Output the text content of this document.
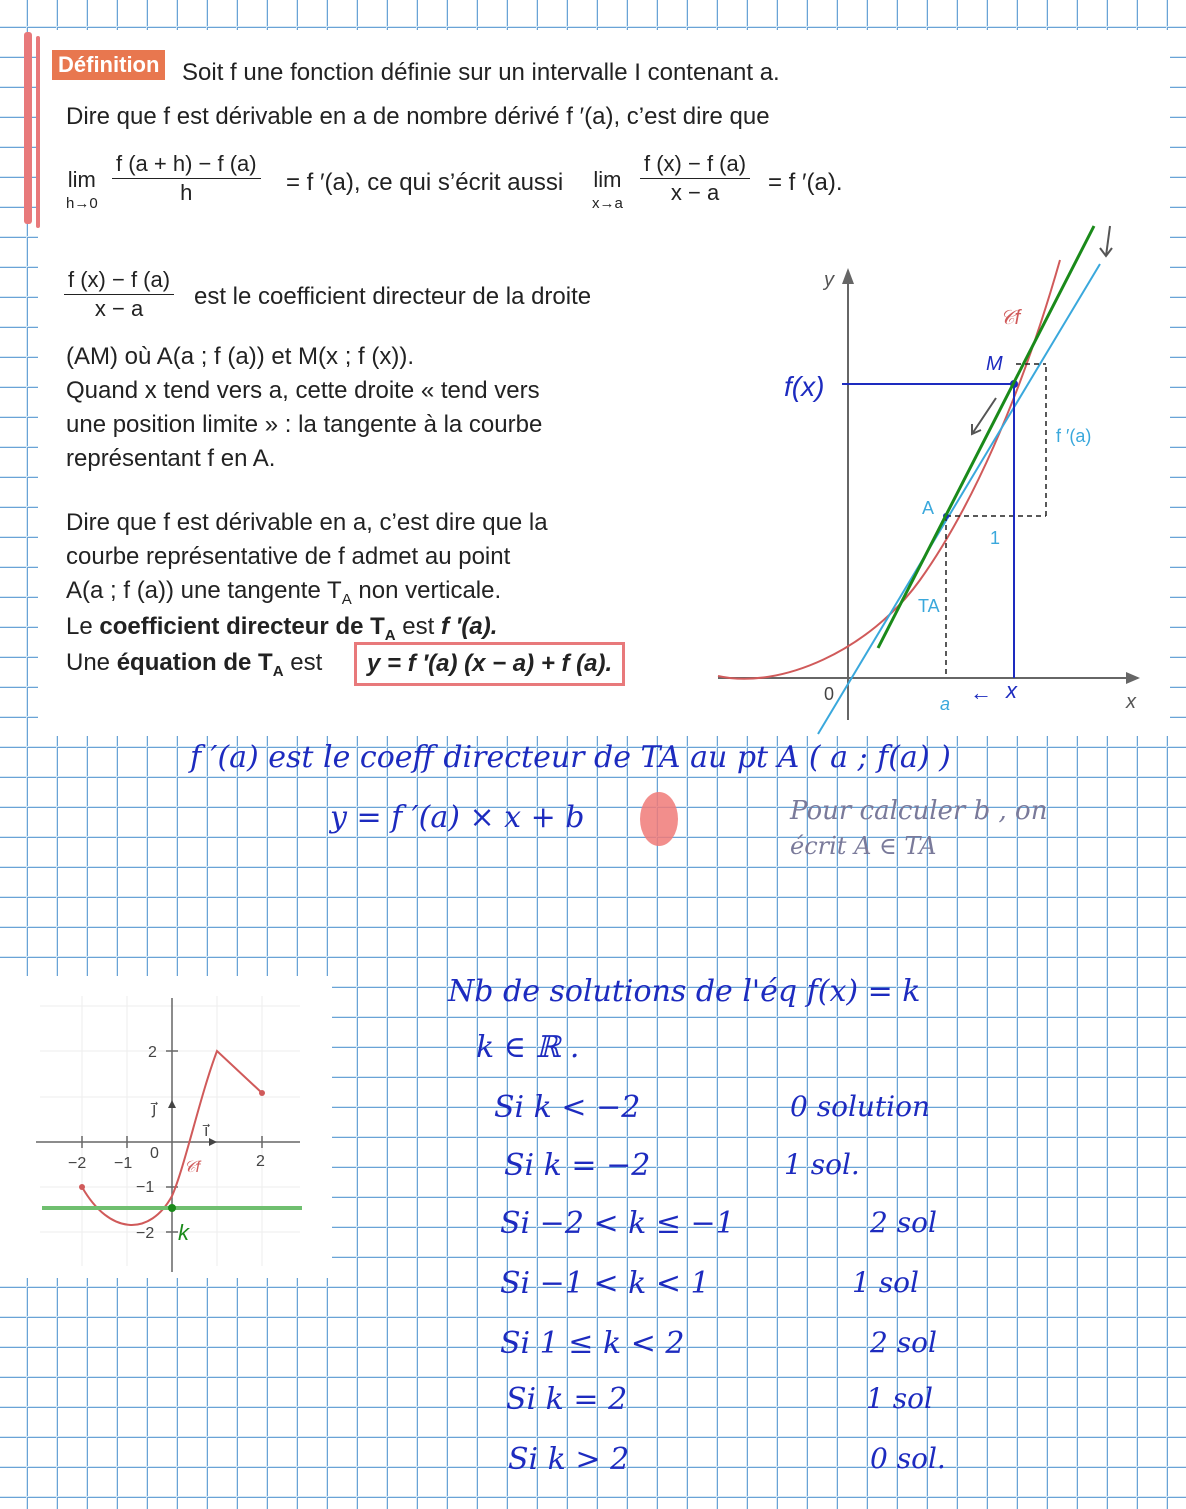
Définition Soit f une fonction définie sur un intervalle I contenant a.
Dire que f est dérivable en a de nombre dérivé f ′(a), c’est dire que
lim
$h\to 0 \frac{f (a + h) - f (a)}{h} = f$ ′(a), ce qui s’écrit aussi lim
$x\to a \frac{f (x) - f (a)}{x - a} = f$ ′(a).
$\frac{f (x) - f (a)}{x - a}$ est le coefficient directeur de la droite
(AM) où A(a ; f (a)) et M(x ; f (x)).
Quand x tend vers a, cette droite « tend vers
une position limite » : la tangente à la courbe
représentant f en A.
Dire que f est dérivable en a, c’est dire que la
courbe représentative de f admet au point
A(a ; f (a)) une tangente $T_A$ non verticale.
Le coefficient directeur de $T_A$ est f ′(a).
Une équation de $T_A$ est	y = f ′(a) (x − a) + f (a).
y
x
0
𝒞f
TA
1
f ′(a)
A
a
M
f(x)
← x
f ′(a) est le coeff directeur de TA au pt A ( a ; f(a) )
y = f ′(a) × x + b	Pour calculer b , on
écrit A ∈ TA
Nb de solutions de l'éq f(x) = k
k ∈ ℝ .
Si k < −2	0 solution
Si k = −2	1 sol.
Si −2 < k ≤ −1	2 sol
Si −1 < k < 1	1 sol
Si 1 ≤ k < 2	2 sol
Si k = 2	1 sol
Si k > 2	0 sol.
2
−1
−2
−2 −1
0	2
j⃗
i⃗
𝒞f
k
